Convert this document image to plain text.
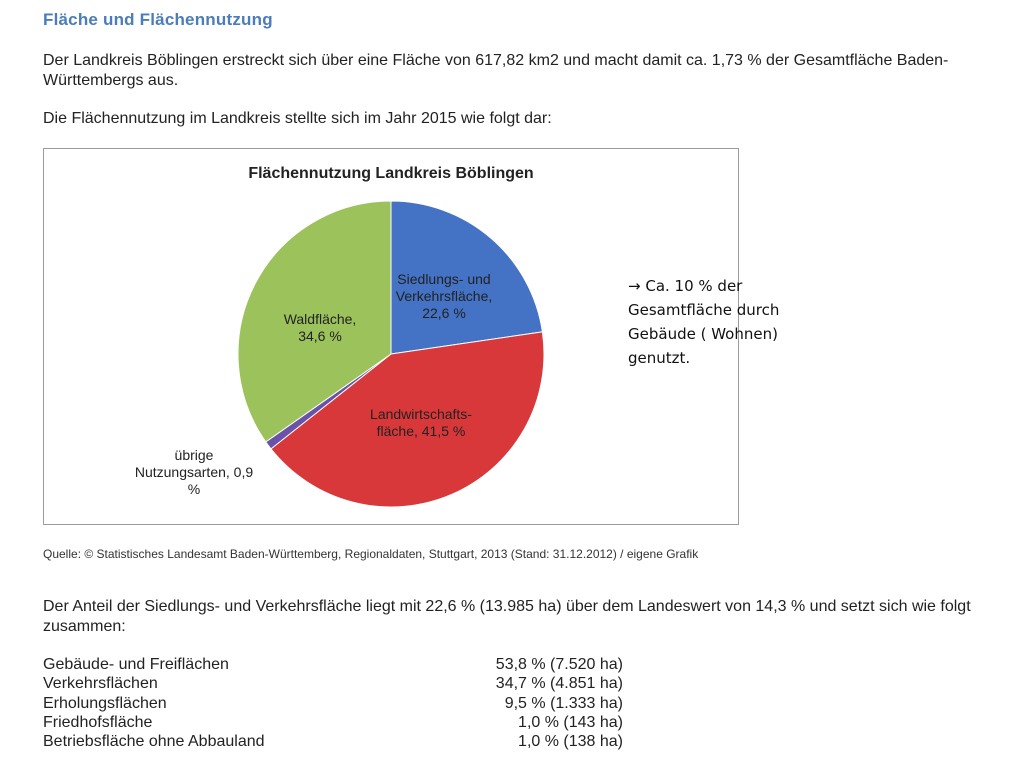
Fläche und Flächennutzung
Der Landkreis Böblingen erstreckt sich über eine Fläche von 617,82 km2 und macht damit ca. 1,73 % der Gesamtfläche Baden-Württembergs aus.
Die Flächennutzung im Landkreis stellte sich im Jahr 2015 wie folgt dar:
Flächennutzung Landkreis Böblingen
Siedlungs- und Verkehrsfläche, 22,6 %
Landwirtschafts-fläche, 41,5 %
übrige Nutzungsarten, 0,9 %
Waldfläche, 34,6 %
→ Ca. 10 % der
Gesamtfläche durch
Gebäude ( Wohnen)
genutzt.
Quelle: © Statistisches Landesamt Baden-Württemberg, Regionaldaten, Stuttgart, 2013 (Stand: 31.12.2012) / eigene Grafik
Der Anteil der Siedlungs- und Verkehrsfläche liegt mit 22,6 % (13.985 ha) über dem Landeswert von 14,3 % und setzt sich wie folgt zusammen:
Gebäude- und Freiflächen	53,8 % (7.520 ha)
Verkehrsflächen	34,7 % (4.851 ha)
Erholungsflächen	9,5 % (1.333 ha)
Friedhofsfläche	1,0 % (143 ha)
Betriebsfläche ohne Abbauland	1,0 % (138 ha)
